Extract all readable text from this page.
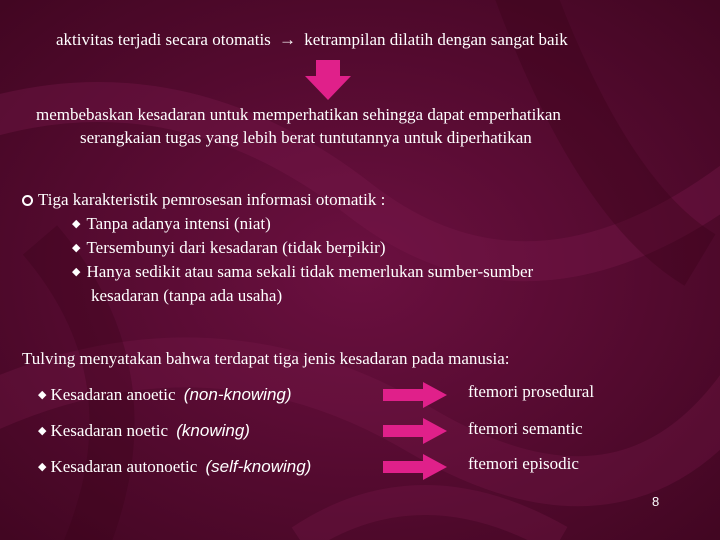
aktivitas terjadi secara otomatis → ketrampilan dilatih dengan sangat baik
membebaskan kesadaran untuk memperhatikan sehingga dapat emperhatikan
serangkaian tugas yang lebih berat tuntutannya untuk diperhatikan
Tiga karakteristik pemrosesan informasi otomatik :
◆ Tanpa adanya intensi (niat)
◆ Tersembunyi dari kesadaran (tidak berpikir)
◆ Hanya sedikit atau sama sekali tidak memerlukan sumber-sumber
kesadaran (tanpa ada usaha)
Tulving menyatakan bahwa terdapat tiga jenis kesadaran pada manusia:
◆ Kesadaran anoetic (non-knowing)	ftemori prosedural
◆ Kesadaran noetic (knowing)	ftemori semantic
◆ Kesadaran autonoetic (self-knowing)	ftemori episodic
8
